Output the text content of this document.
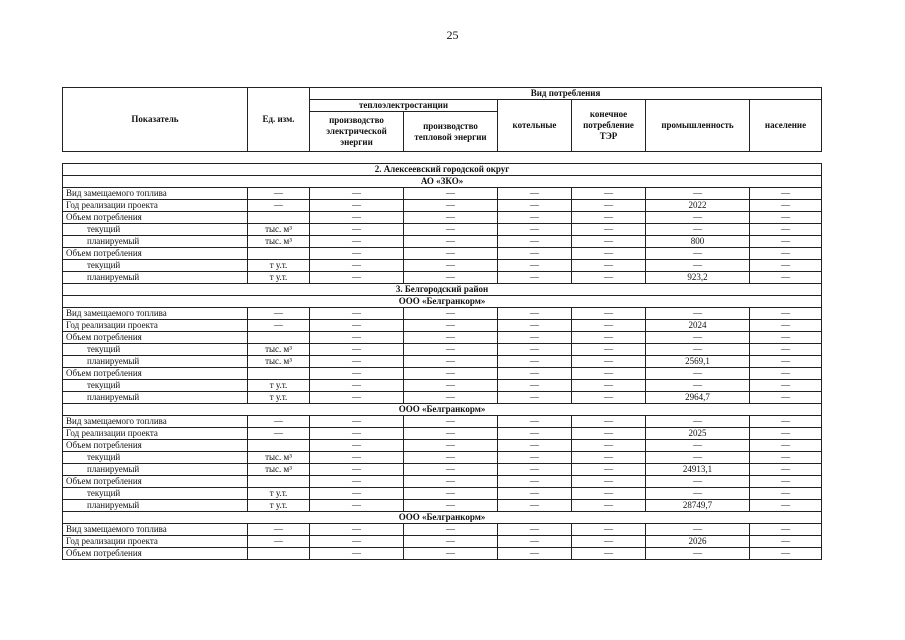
25
Показатель	Ед. изм.	Вид потребления					
		теплоэлектростанции		котельные	конечное потребление ТЭР	промышленность	население
		производство электрической энергии	производство тепловой энергии				
2. Алексеевский городской округ							
АО «ЗКО»							
Вид замещаемого топлива	—	—	—	—	—	—	—
Год реализации проекта	—	—	—	—	—	2022	—
Объем потребления		—	—	—	—	—	—
текущий	тыс. м³	—	—	—	—	—	—
планируемый	тыс. м³	—	—	—	—	800	—
Объем потребления		—	—	—	—	—	—
текущий	т у.т.	—	—	—	—	—	—
планируемый	т у.т.	—	—	—	—	923,2	—
3. Белгородский район							
ООО «Белгранкорм»							
Вид замещаемого топлива	—	—	—	—	—	—	—
Год реализации проекта	—	—	—	—	—	2024	—
Объем потребления		—	—	—	—	—	—
текущий	тыс. м³	—	—	—	—	—	—
планируемый	тыс. м³	—	—	—	—	2569,1	—
Объем потребления		—	—	—	—	—	—
текущий	т у.т.	—	—	—	—	—	—
планируемый	т у.т.	—	—	—	—	2964,7	—
ООО «Белгранкорм»							
Вид замещаемого топлива	—	—	—	—	—	—	—
Год реализации проекта	—	—	—	—	—	2025	—
Объем потребления		—	—	—	—	—	—
текущий	тыс. м³	—	—	—	—	—	—
планируемый	тыс. м³	—	—	—	—	24913,1	—
Объем потребления		—	—	—	—	—	—
текущий	т у.т.	—	—	—	—	—	—
планируемый	т у.т.	—	—	—	—	28749,7	—
ООО «Белгранкорм»							
Вид замещаемого топлива	—	—	—	—	—	—	—
Год реализации проекта	—	—	—	—	—	2026	—
Объем потребления		—	—	—	—	—	—
